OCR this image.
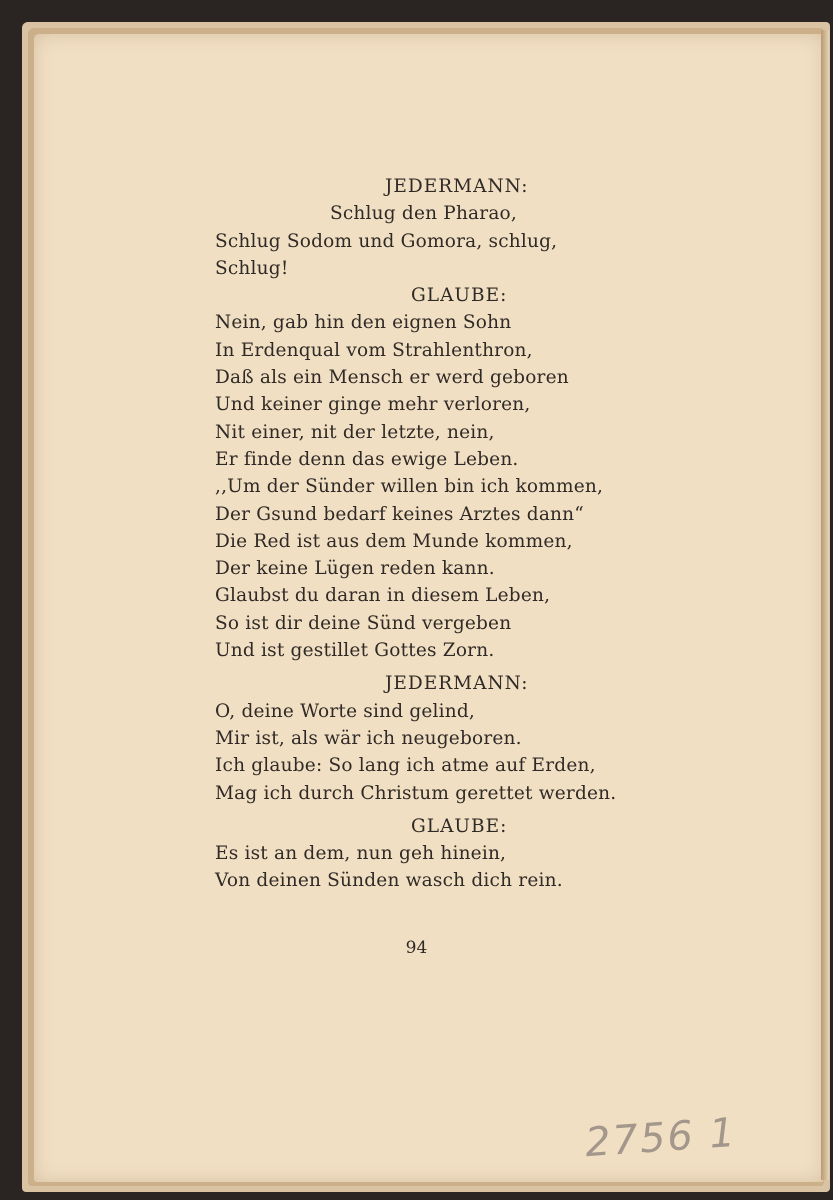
JEDERMANN:
Schlug den Pharao,
Schlug Sodom und Gomora, schlug,
Schlug!
GLAUBE:
Nein, gab hin den eignen Sohn
In Erdenqual vom Strahlenthron,
Daß als ein Mensch er werd geboren
Und keiner ginge mehr verloren,
Nit einer, nit der letzte, nein,
Er finde denn das ewige Leben.
,,Um der Sünder willen bin ich kommen,
Der Gsund bedarf keines Arztes dann“
Die Red ist aus dem Munde kommen,
Der keine Lügen reden kann.
Glaubst du daran in diesem Leben,
So ist dir deine Sünd vergeben
Und ist gestillet Gottes Zorn.
JEDERMANN:
O, deine Worte sind gelind,
Mir ist, als wär ich neugeboren.
Ich glaube: So lang ich atme auf Erden,
Mag ich durch Christum gerettet werden.
GLAUBE:
Es ist an dem, nun geh hinein,
Von deinen Sünden wasch dich rein.
94
2756 1
